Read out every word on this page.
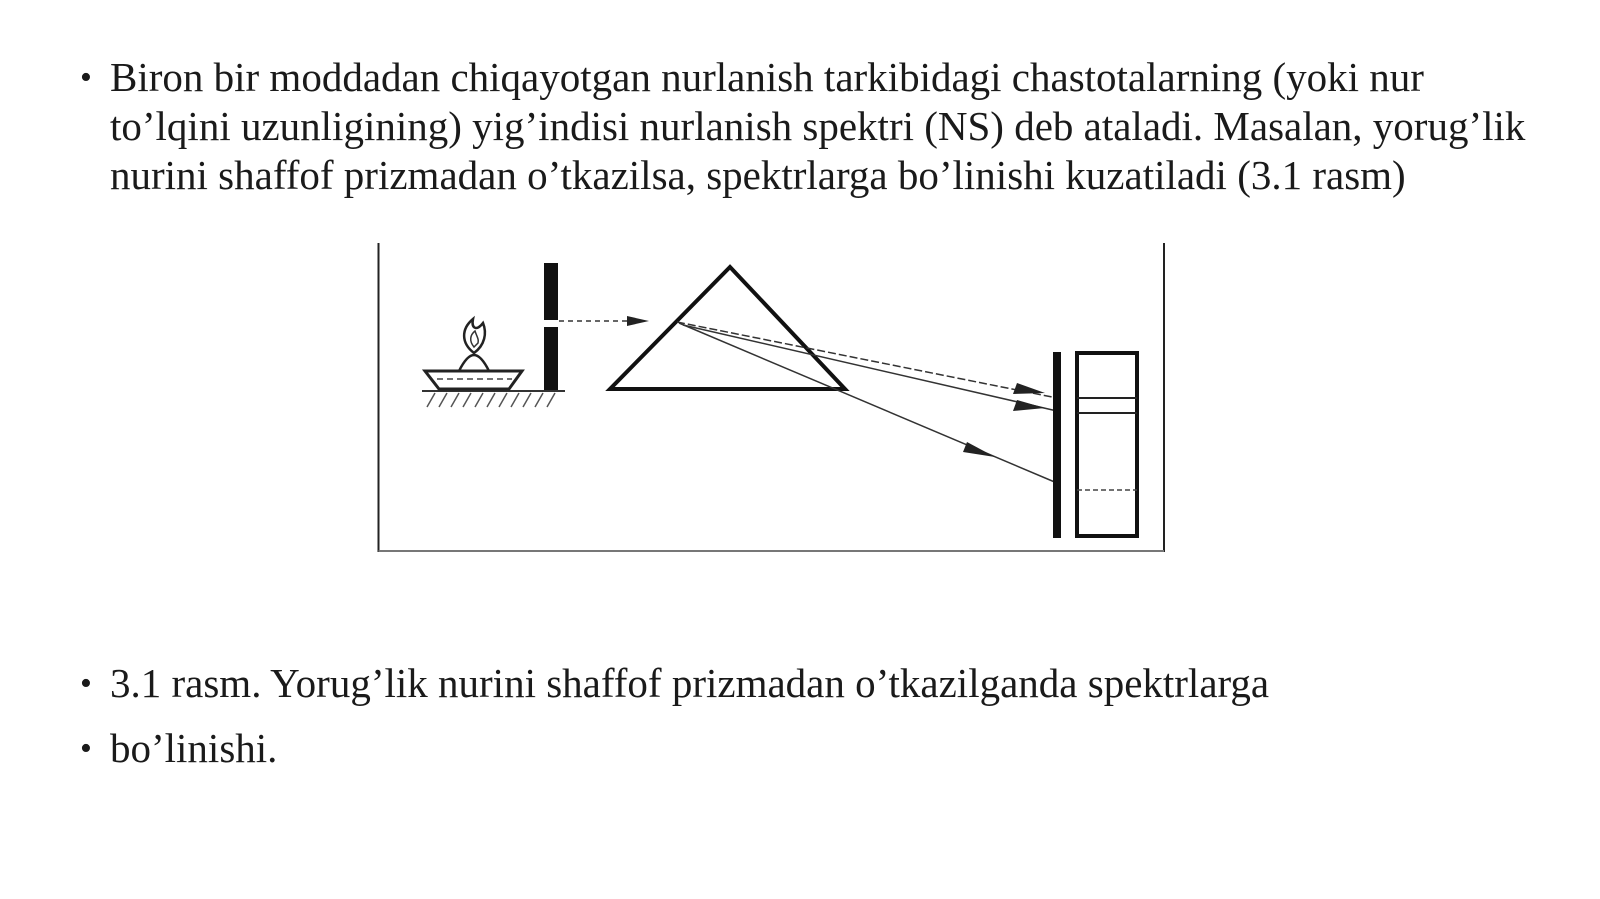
• Biron bir moddadan chiqayotgan nurlanish tarkibidagi chastotalarning (yoki nur to’lqini uzunligining) yig’indisi nurlanish spektri (NS) deb ataladi. Masalan, yorug’lik nurini shaffof prizmadan o’tkazilsa, spektrlarga bo’linishi kuzatiladi (3.1 rasm)
• 3.1 rasm. Yorug’lik nurini shaffof prizmadan o’tkazilganda spektrlarga
• bo’linishi.
